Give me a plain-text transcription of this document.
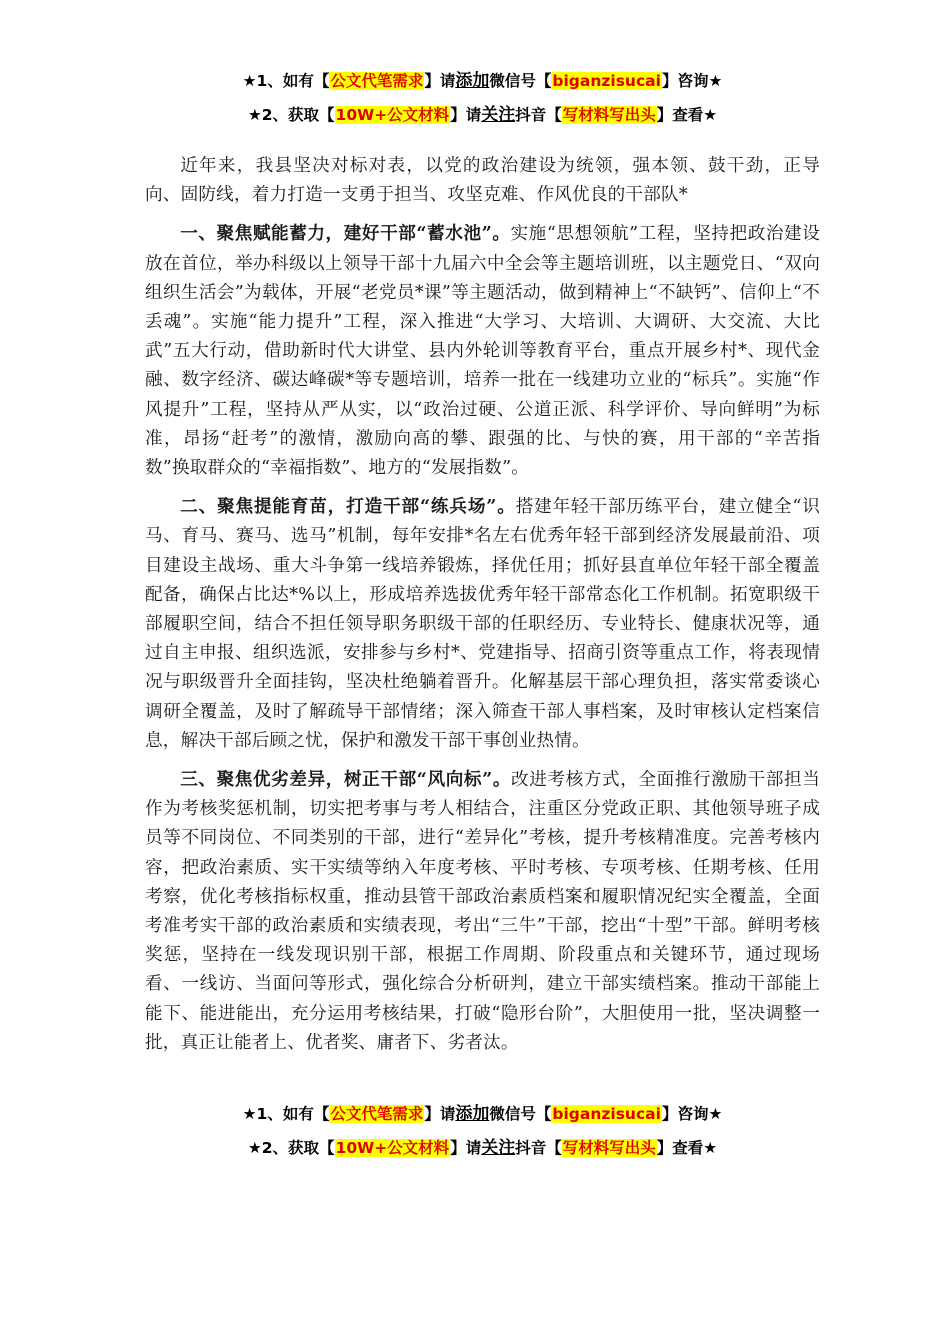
★1、如有【公文代笔需求】请添加微信号【biganzisucai】咨询★
★2、获取【10W+公文材料】请关注抖音【写材料写出头】查看★

近年来，我县坚决对标对表，以党的政治建设为统领，强本领、鼓干劲，正导向、固防线，着力打造一支勇于担当、攻坚克难、作风优良的干部队*

一、聚焦赋能蓄力，建好干部“蓄水池”。实施“思想领航”工程，坚持把政治建设放在首位，举办科级以上领导干部十九届六中全会等主题培训班，以主题党日、“双向组织生活会”为载体，开展“老党员*课”等主题活动，做到精神上“不缺钙”、信仰上“不丢魂”。实施“能力提升”工程，深入推进“大学习、大培训、大调研、大交流、大比武”五大行动，借助新时代大讲堂、县内外轮训等教育平台，重点开展乡村*、现代金融、数字经济、碳达峰碳*等专题培训，培养一批在一线建功立业的“标兵”。实施“作风提升”工程，坚持从严从实，以“政治过硬、公道正派、科学评价、导向鲜明”为标准，昂扬“赶考”的激情，激励向高的攀、跟强的比、与快的赛，用干部的“辛苦指数”换取群众的“幸福指数”、地方的“发展指数”。

二、聚焦提能育苗，打造干部“练兵场”。搭建年轻干部历练平台，建立健全“识马、育马、赛马、选马”机制，每年安排*名左右优秀年轻干部到经济发展最前沿、项目建设主战场、重大斗争第一线培养锻炼，择优任用；抓好县直单位年轻干部全覆盖配备，确保占比达*%以上，形成培养选拔优秀年轻干部常态化工作机制。拓宽职级干部履职空间，结合不担任领导职务职级干部的任职经历、专业特长、健康状况等，通过自主申报、组织选派，安排参与乡村*、党建指导、招商引资等重点工作，将表现情况与职级晋升全面挂钩，坚决杜绝躺着晋升。化解基层干部心理负担，落实常委谈心调研全覆盖，及时了解疏导干部情绪；深入筛查干部人事档案，及时审核认定档案信息，解决干部后顾之忧，保护和激发干部干事创业热情。

三、聚焦优劣差异，树正干部“风向标”。改进考核方式，全面推行激励干部担当作为考核奖惩机制，切实把考事与考人相结合，注重区分党政正职、其他领导班子成员等不同岗位、不同类别的干部，进行“差异化”考核，提升考核精准度。完善考核内容，把政治素质、实干实绩等纳入年度考核、平时考核、专项考核、任期考核、任用考察，优化考核指标权重，推动县管干部政治素质档案和履职情况纪实全覆盖，全面考准考实干部的政治素质和实绩表现，考出“三牛”干部，挖出“十型”干部。鲜明考核奖惩，坚持在一线发现识别干部，根据工作周期、阶段重点和关键环节，通过现场看、一线访、当面问等形式，强化综合分析研判，建立干部实绩档案。推动干部能上能下、能进能出，充分运用考核结果，打破“隐形台阶”，大胆使用一批，坚决调整一批，真正让能者上、优者奖、庸者下、劣者汰。

★1、如有【公文代笔需求】请添加微信号【biganzisucai】咨询★
★2、获取【10W+公文材料】请关注抖音【写材料写出头】查看★
